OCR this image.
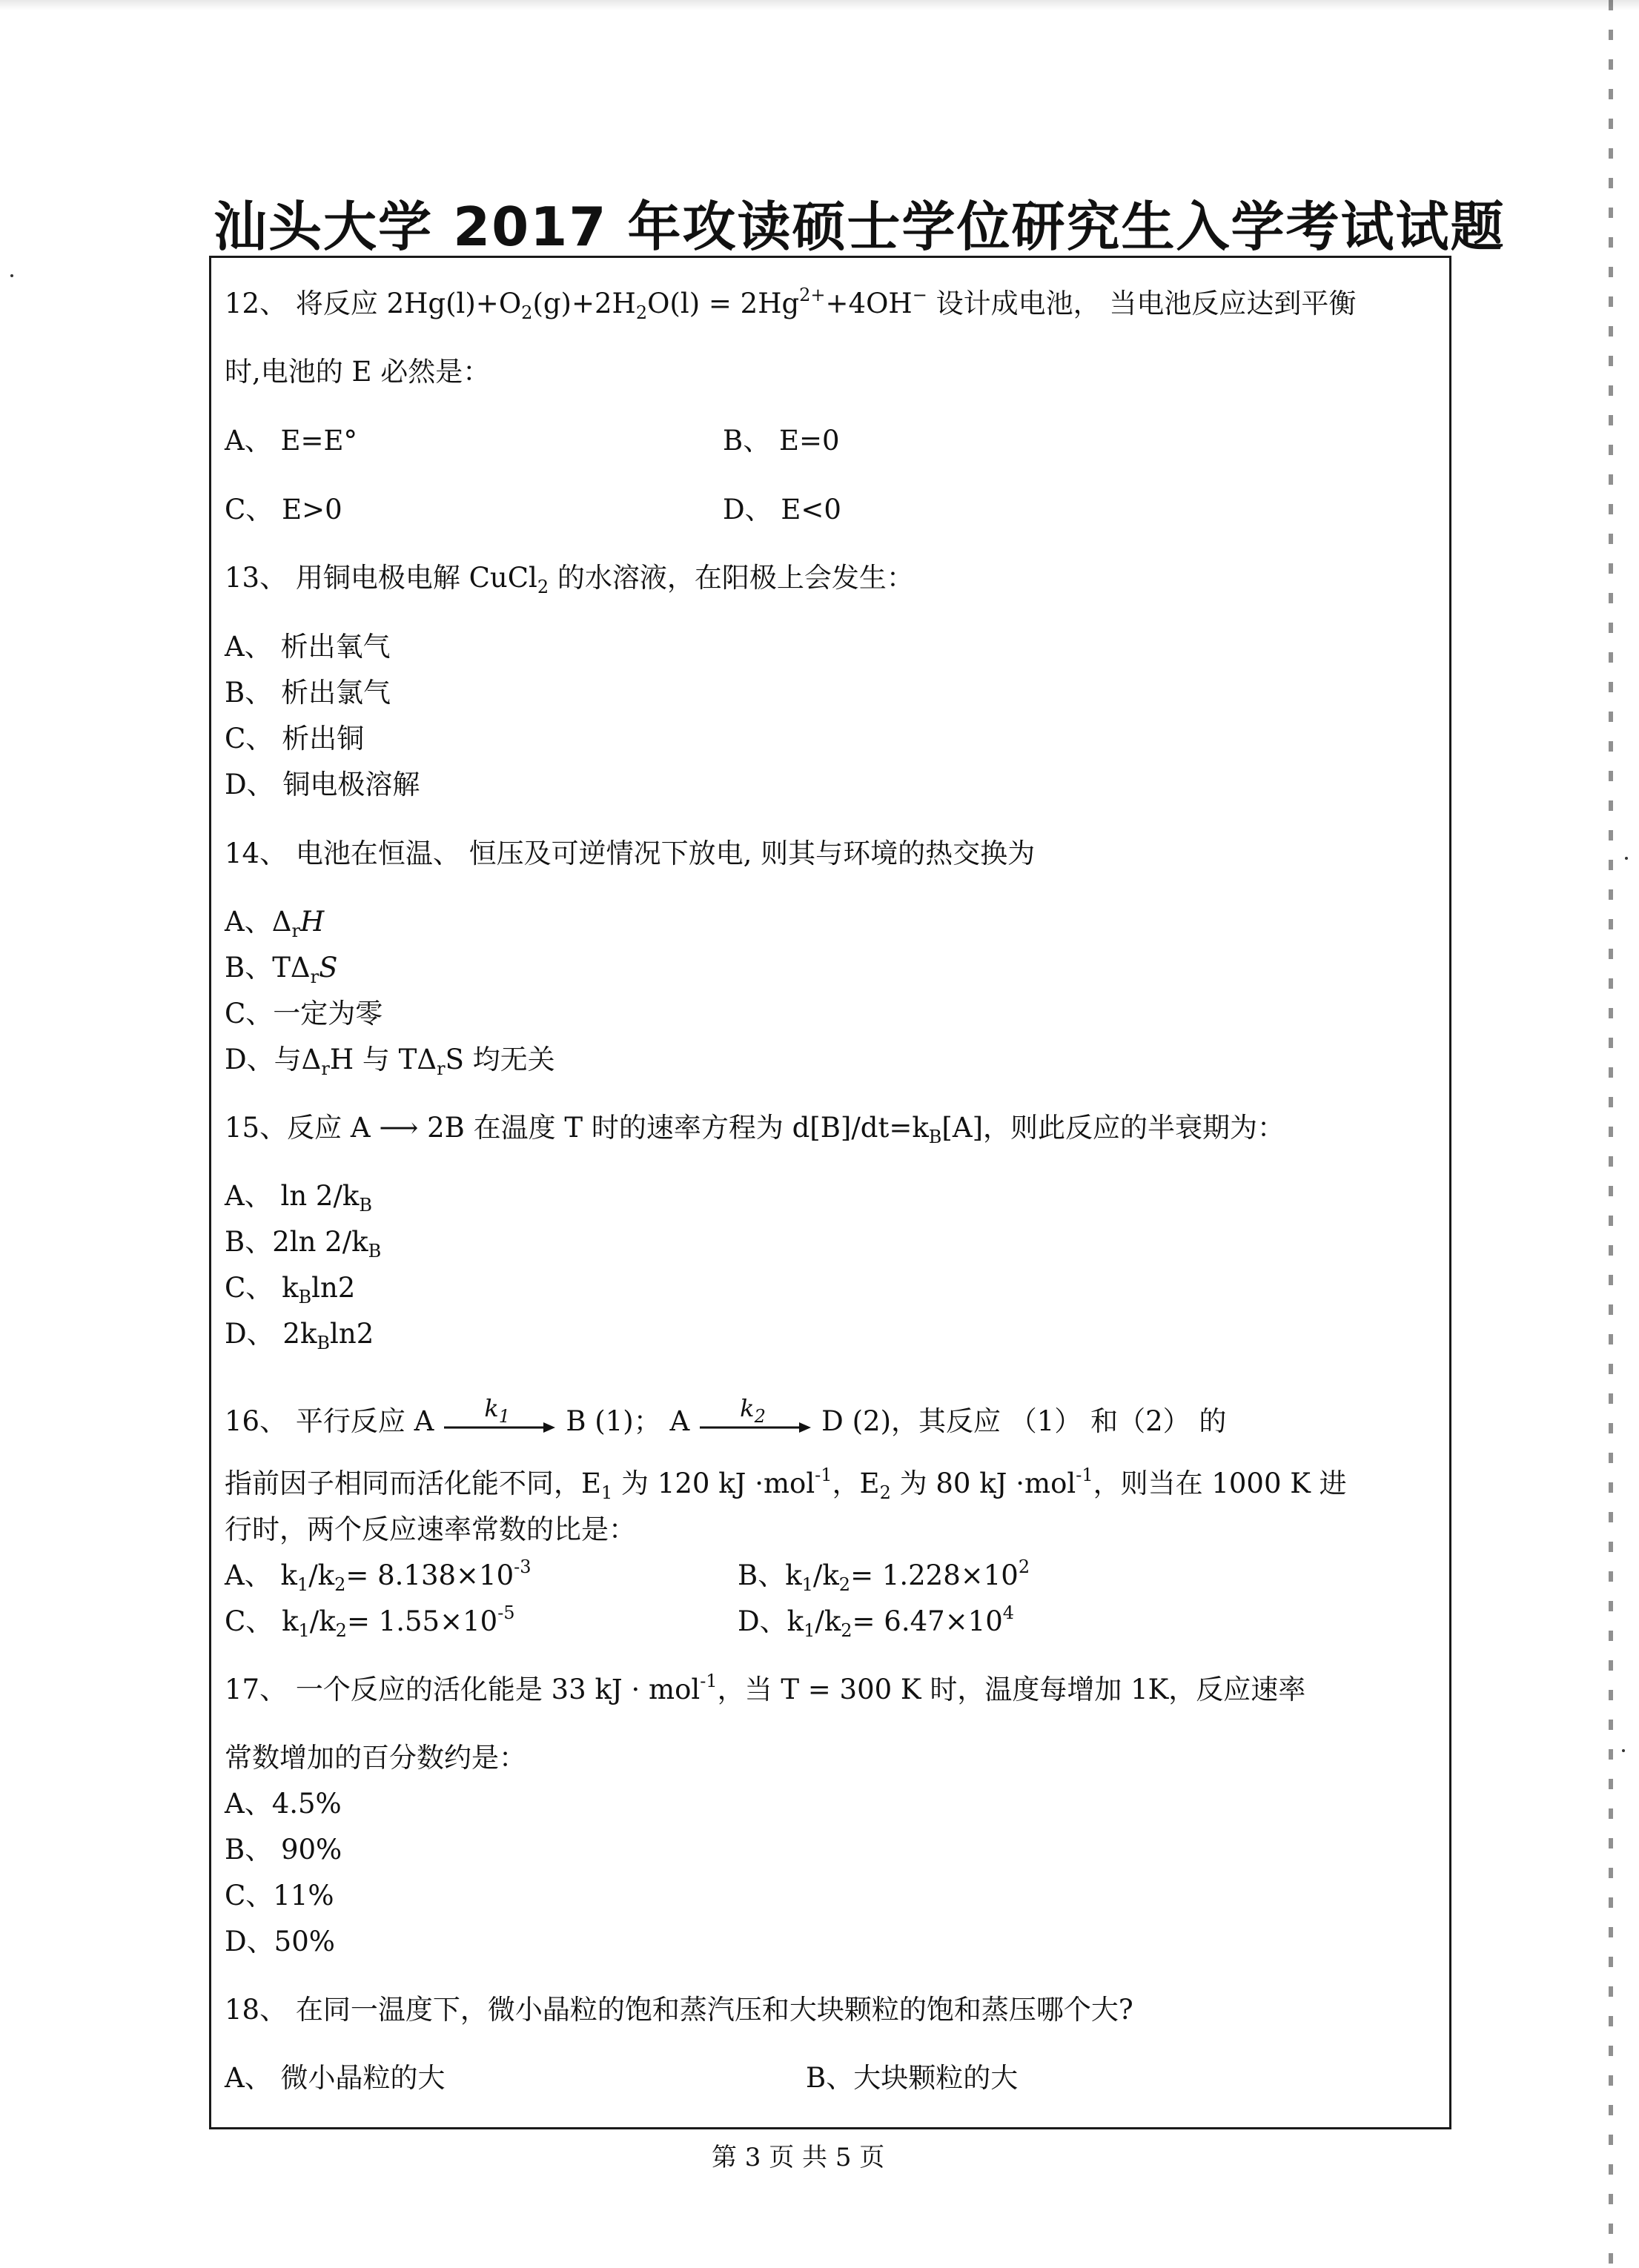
汕头大学 2017 年攻读硕士学位研究生入学考试试题
12、 将反应 $2Hg(l)+O_2(g)+2H_2O(l) = 2Hg^{2+}+4OH^-$ 设计成电池， 当电池反应达到平衡
时,电池的 E 必然是：
A、 E=E°	B、 E=0
C、 E>0	D、 E<0
13、 用铜电极电解 CuCl$_2$ 的水溶液，在阳极上会发生：
A、 析出氧气
B、 析出氯气
C、 析出铜
D、 铜电极溶解
14、 电池在恒温、 恒压及可逆情况下放电, 则其与环境的热交换为
A、$\Delta_rH$
B、$T\Delta_rS$
C、一定为零
D、与$\Delta_rH$ 与 $T\Delta_rS$ 均无关
15、反应 A ⟶ 2B 在温度 T 时的速率方程为 $d[B]/dt=k_B[A]$，则此反应的半衰期为：
A、 $\ln 2/k_B$
B、2ln $2/k_B$
C、 $k_B\ln 2$
D、 $2k_B\ln 2$
16、 平行反应 A $k_1$ B (1)； A $k_2$ D (2)，其反应 （1） 和（2） 的
指前因子相同而活化能不同，$E_1$ 为 120 kJ ·mol$^{-1}$，$E_2$ 为 80 kJ ·mol$^{-1}$，则当在 1000 K 进
行时，两个反应速率常数的比是：
A、 $k_1/k_2= 8.138\times 10^{-3}$	B、$k_1/k_2= 1.228\times 10^2$
C、 $k_1/k_2= 1.55\times 10^{-5}$	D、$k_1/k_2= 6.47\times 10^4$
17、 一个反应的活化能是 33 kJ · mol$^{-1}$，当 T = 300 K 时，温度每增加 1K，反应速率
常数增加的百分数约是：
A、4.5%
B、 90%
C、11%
D、50%
18、 在同一温度下，微小晶粒的饱和蒸汽压和大块颗粒的饱和蒸压哪个大?
A、 微小晶粒的大	B、大块颗粒的大
第 3 页 共 5 页
